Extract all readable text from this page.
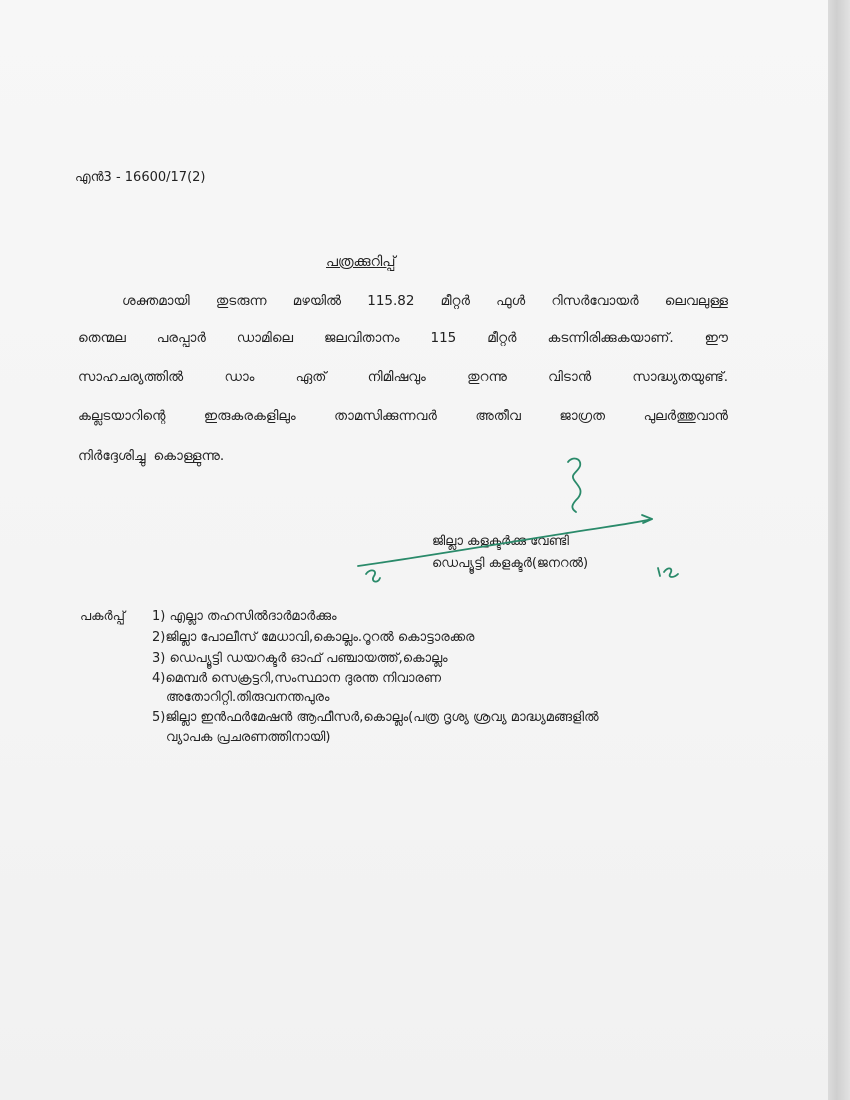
എൻ3 - 16600/17(2)
പത്രക്കുറിപ്പ്
ശക്തമായി തുടരുന്ന മഴയിൽ 115.82 മീറ്റർ ഫുൾ റിസർവോയർ ലെവലുള്ള
തെന്മല പരപ്പാർ ഡാമിലെ ജലവിതാനം 115 മീറ്റർ കടന്നിരിക്കുകയാണ്. ഈ
സാഹചര്യത്തിൽ	ഡാം	ഏത്	നിമിഷവും	തുറന്നു	വിടാൻ	സാദ്ധ്യതയുണ്ട്.
കല്ലടയാറിന്റെ	ഇരുകരകളിലും	താമസിക്കുന്നവർ	അതീവ	ജാഗ്രത	പുലർത്തുവാൻ
നിർദ്ദേശിച്ചു കൊള്ളുന്നു.
ജില്ലാ കളക്ടർക്കു വേണ്ടി
ഡെപ്യൂട്ടി കളക്ടർ(ജനറൽ)
പകർപ്പ് 1) എല്ലാ തഹസിൽദാർമാർക്കും
2)ജില്ലാ പോലീസ് മേധാവി,കൊല്ലം.റൂറൽ കൊട്ടാരക്കര
3) ഡെപ്യൂട്ടി ഡയറക്ടർ ഓഫ് പഞ്ചായത്ത്,കൊല്ലം
4)മെമ്പർ സെക്രട്ടറി,സംസ്ഥാന ദുരന്ത നിവാരണ
അതോറിറ്റി.തിരുവനന്തപുരം
5)ജില്ലാ ഇൻഫർമേഷൻ ആഫീസർ,കൊല്ലം(പത്ര ദൃശ്യ ശ്രവ്യ മാദ്ധ്യമങ്ങളിൽ
വ്യാപക പ്രചരണത്തിനായി)
